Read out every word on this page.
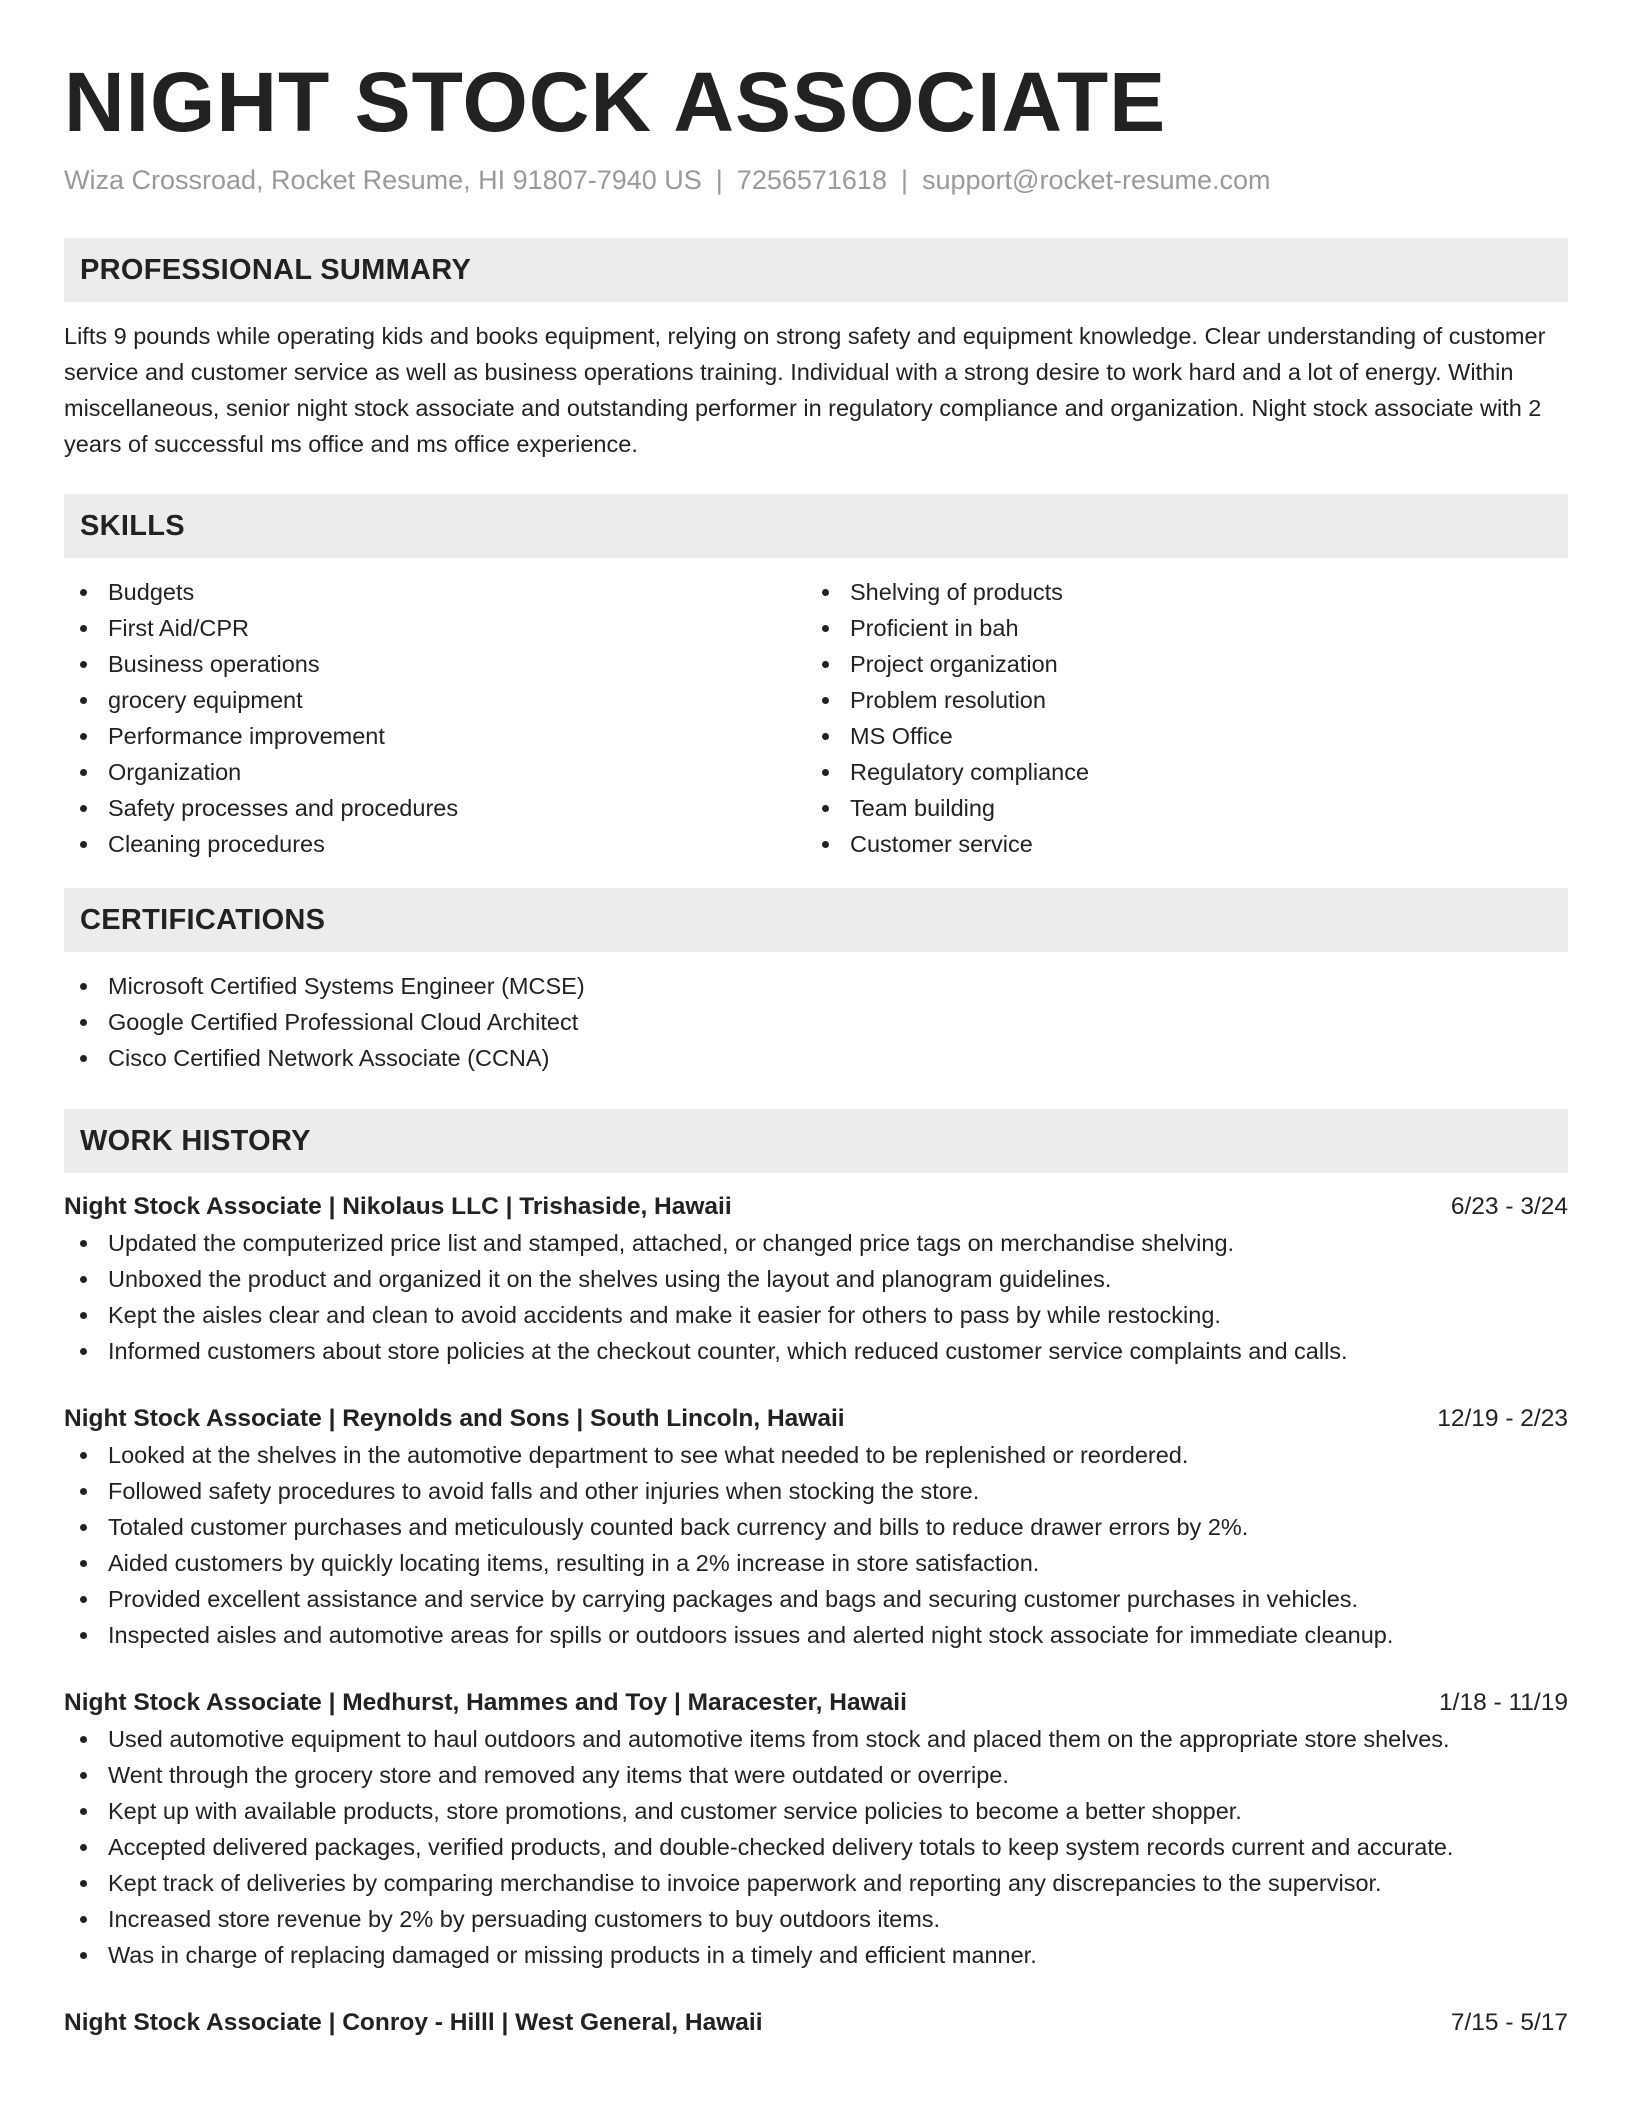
NIGHT STOCK ASSOCIATE
Wiza Crossroad, Rocket Resume, HI 91807-7940 US | 7256571618 | support@rocket-resume.com
PROFESSIONAL SUMMARY
Lifts 9 pounds while operating kids and books equipment, relying on strong safety and equipment knowledge. Clear understanding of customer service and customer service as well as business operations training. Individual with a strong desire to work hard and a lot of energy. Within miscellaneous, senior night stock associate and outstanding performer in regulatory compliance and organization. Night stock associate with 2 years of successful ms office and ms office experience.
SKILLS
Budgets
First Aid/CPR
Business operations
grocery equipment
Performance improvement
Organization
Safety processes and procedures
Cleaning procedures
Shelving of products
Proficient in bah
Project organization
Problem resolution
MS Office
Regulatory compliance
Team building
Customer service
CERTIFICATIONS
Microsoft Certified Systems Engineer (MCSE)
Google Certified Professional Cloud Architect
Cisco Certified Network Associate (CCNA)
WORK HISTORY
Night Stock Associate | Nikolaus LLC | Trishaside, Hawaii	6/23 - 3/24
Updated the computerized price list and stamped, attached, or changed price tags on merchandise shelving.
Unboxed the product and organized it on the shelves using the layout and planogram guidelines.
Kept the aisles clear and clean to avoid accidents and make it easier for others to pass by while restocking.
Informed customers about store policies at the checkout counter, which reduced customer service complaints and calls.
Night Stock Associate | Reynolds and Sons | South Lincoln, Hawaii	12/19 - 2/23
Looked at the shelves in the automotive department to see what needed to be replenished or reordered.
Followed safety procedures to avoid falls and other injuries when stocking the store.
Totaled customer purchases and meticulously counted back currency and bills to reduce drawer errors by 2%.
Aided customers by quickly locating items, resulting in a 2% increase in store satisfaction.
Provided excellent assistance and service by carrying packages and bags and securing customer purchases in vehicles.
Inspected aisles and automotive areas for spills or outdoors issues and alerted night stock associate for immediate cleanup.
Night Stock Associate | Medhurst, Hammes and Toy | Maracester, Hawaii	1/18 - 11/19
Used automotive equipment to haul outdoors and automotive items from stock and placed them on the appropriate store shelves.
Went through the grocery store and removed any items that were outdated or overripe.
Kept up with available products, store promotions, and customer service policies to become a better shopper.
Accepted delivered packages, verified products, and double-checked delivery totals to keep system records current and accurate.
Kept track of deliveries by comparing merchandise to invoice paperwork and reporting any discrepancies to the supervisor.
Increased store revenue by 2% by persuading customers to buy outdoors items.
Was in charge of replacing damaged or missing products in a timely and efficient manner.
Night Stock Associate | Conroy - Hilll | West General, Hawaii	7/15 - 5/17
